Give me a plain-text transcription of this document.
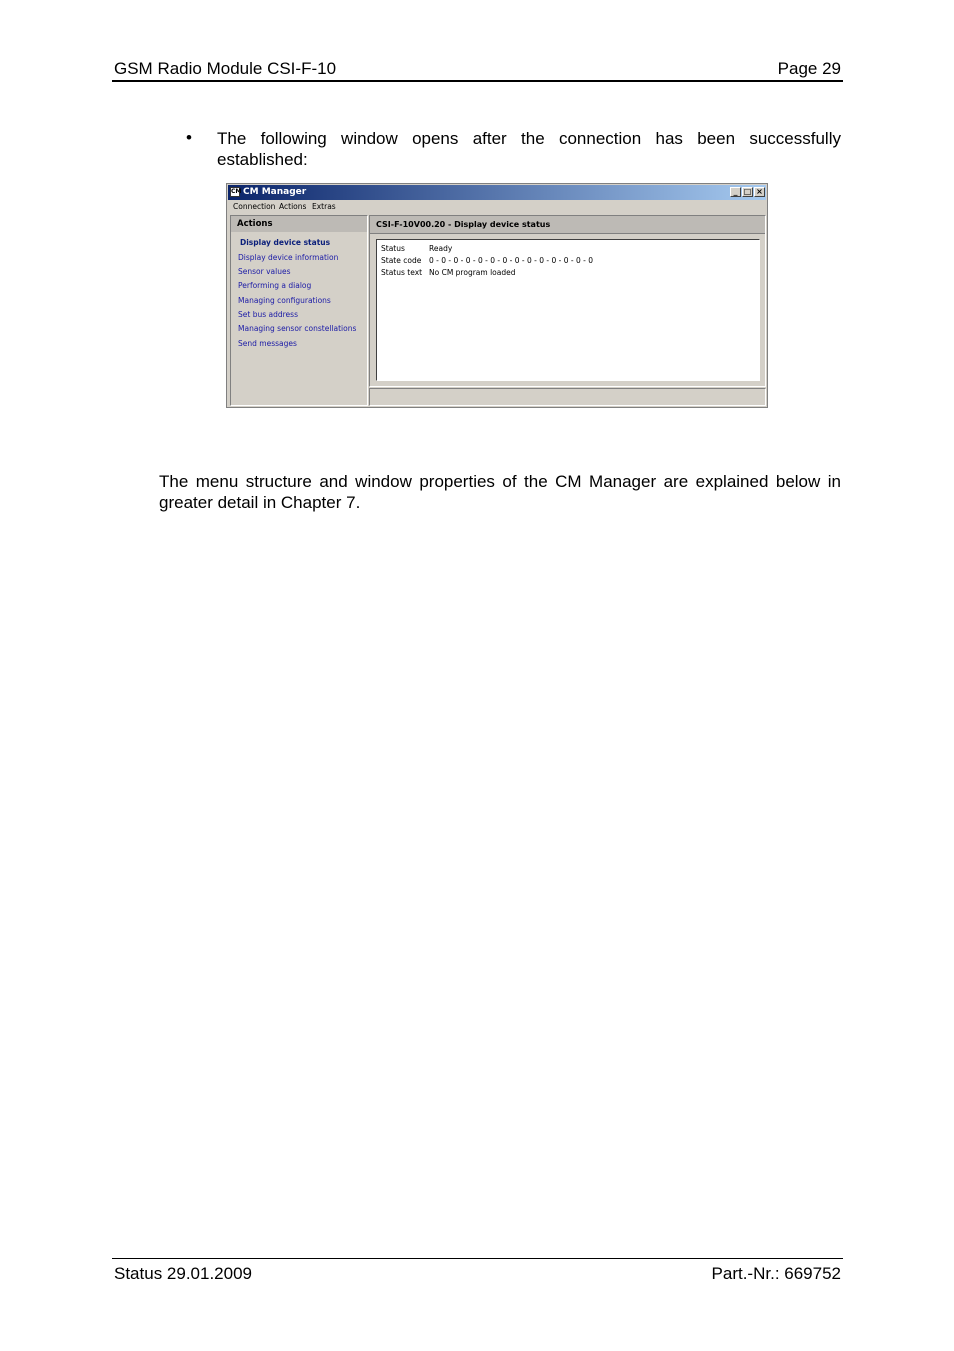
GSM Radio Module CSI-F-10	Page 29
• The following window opens after the connection has been successfully established:
CM CM Manager	_ □ ×
Connection Actions Extras
Actions
Display device status
Display device information
Sensor values
Performing a dialog
Managing configurations
Set bus address
Managing sensor constellations
Send messages
CSI-F-10V00.20 - Display device status
Status	Ready
State code 0 - 0 - 0 - 0 - 0 - 0 - 0 - 0 - 0 - 0 - 0 - 0 - 0 - 0
Status text No CM program loaded
The menu structure and window properties of the CM Manager are explained below in greater detail in Chapter 7.
Status 29.01.2009	Part.-Nr.: 669752
